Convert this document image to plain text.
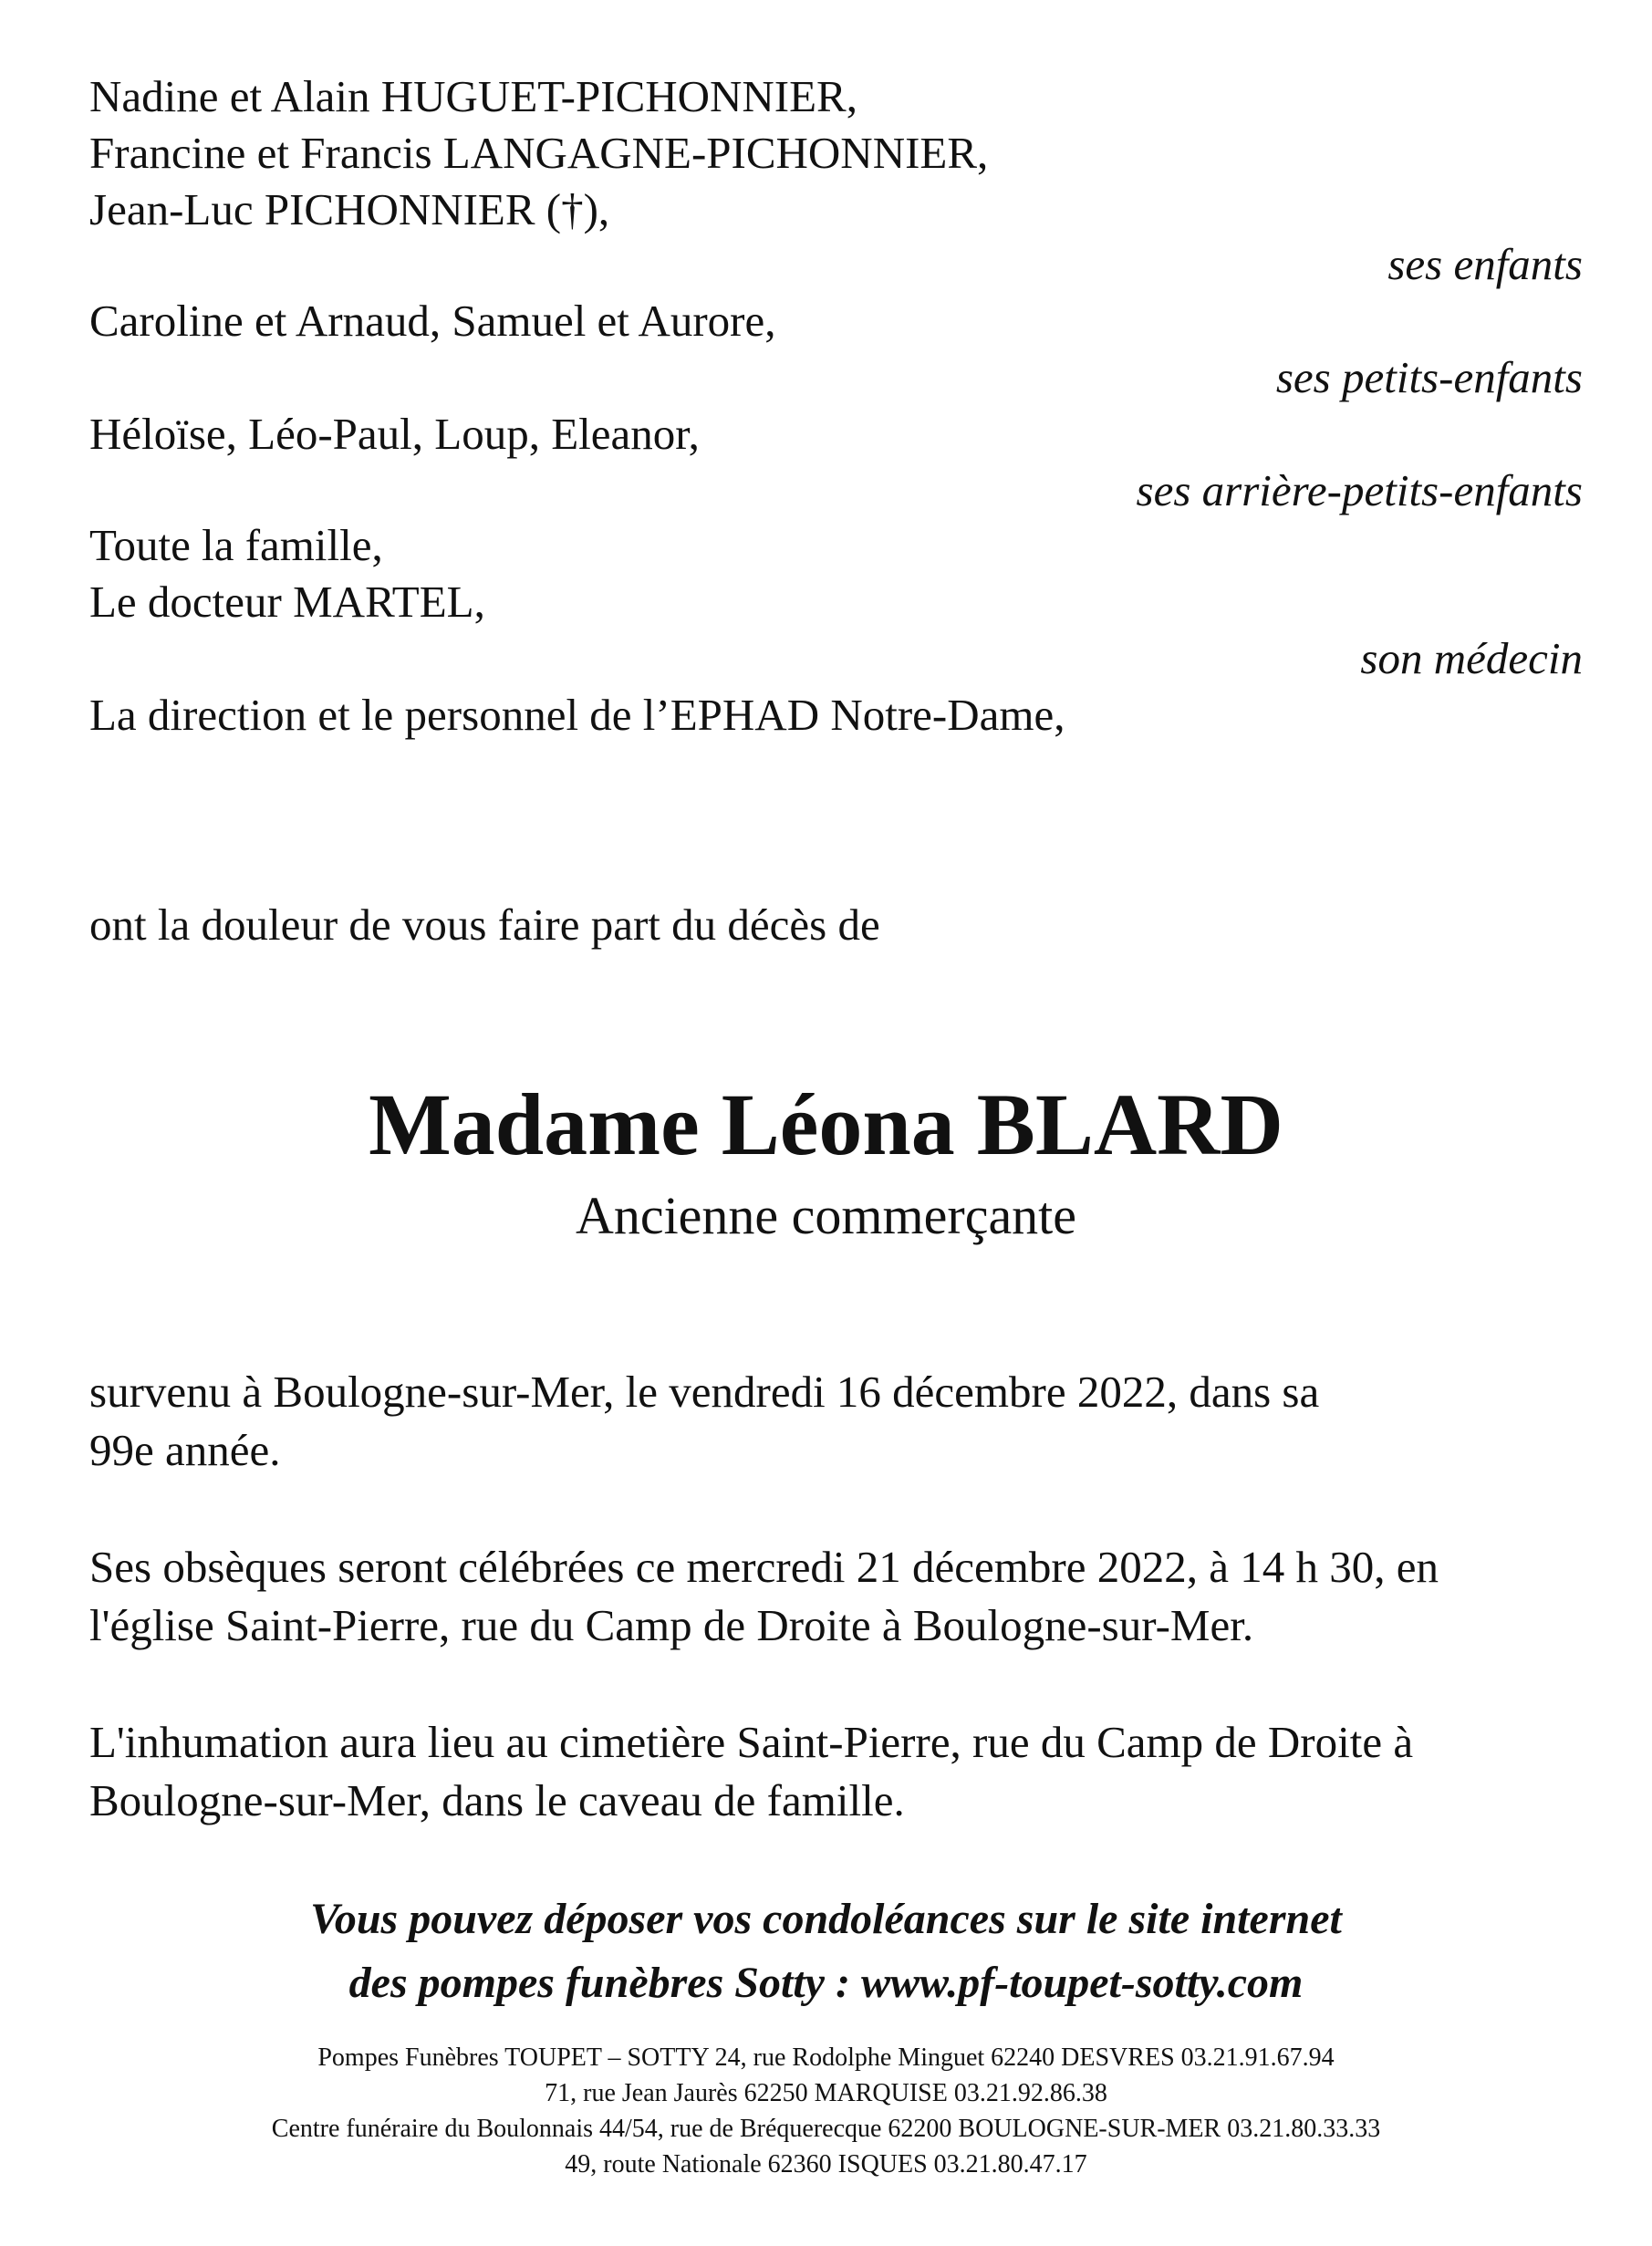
Nadine et Alain HUGUET-PICHONNIER,
Francine et Francis LANGAGNE-PICHONNIER,
Jean-Luc PICHONNIER (†),
ses enfants
Caroline et Arnaud, Samuel et Aurore,
ses petits-enfants
Héloïse, Léo-Paul, Loup, Eleanor,
ses arrière-petits-enfants
Toute la famille,
Le docteur MARTEL,
son médecin
La direction et le personnel de l’EPHAD Notre-Dame,
ont la douleur de vous faire part du décès de
Madame Léona BLARD
Ancienne commerçante
survenu à Boulogne-sur-Mer, le vendredi 16 décembre 2022, dans sa
99e année.
Ses obsèques seront célébrées ce mercredi 21 décembre 2022, à 14 h 30, en
l'église Saint-Pierre, rue du Camp de Droite à Boulogne-sur-Mer.
L'inhumation aura lieu au cimetière Saint-Pierre, rue du Camp de Droite à
Boulogne-sur-Mer, dans le caveau de famille.
Vous pouvez déposer vos condoléances sur le site internet
des pompes funèbres Sotty : www.pf-toupet-sotty.com
Pompes Funèbres TOUPET – SOTTY 24, rue Rodolphe Minguet 62240 DESVRES 03.21.91.67.94
71, rue Jean Jaurès 62250 MARQUISE 03.21.92.86.38
Centre funéraire du Boulonnais 44/54, rue de Bréquerecque 62200 BOULOGNE-SUR-MER 03.21.80.33.33
49, route Nationale 62360 ISQUES 03.21.80.47.17
